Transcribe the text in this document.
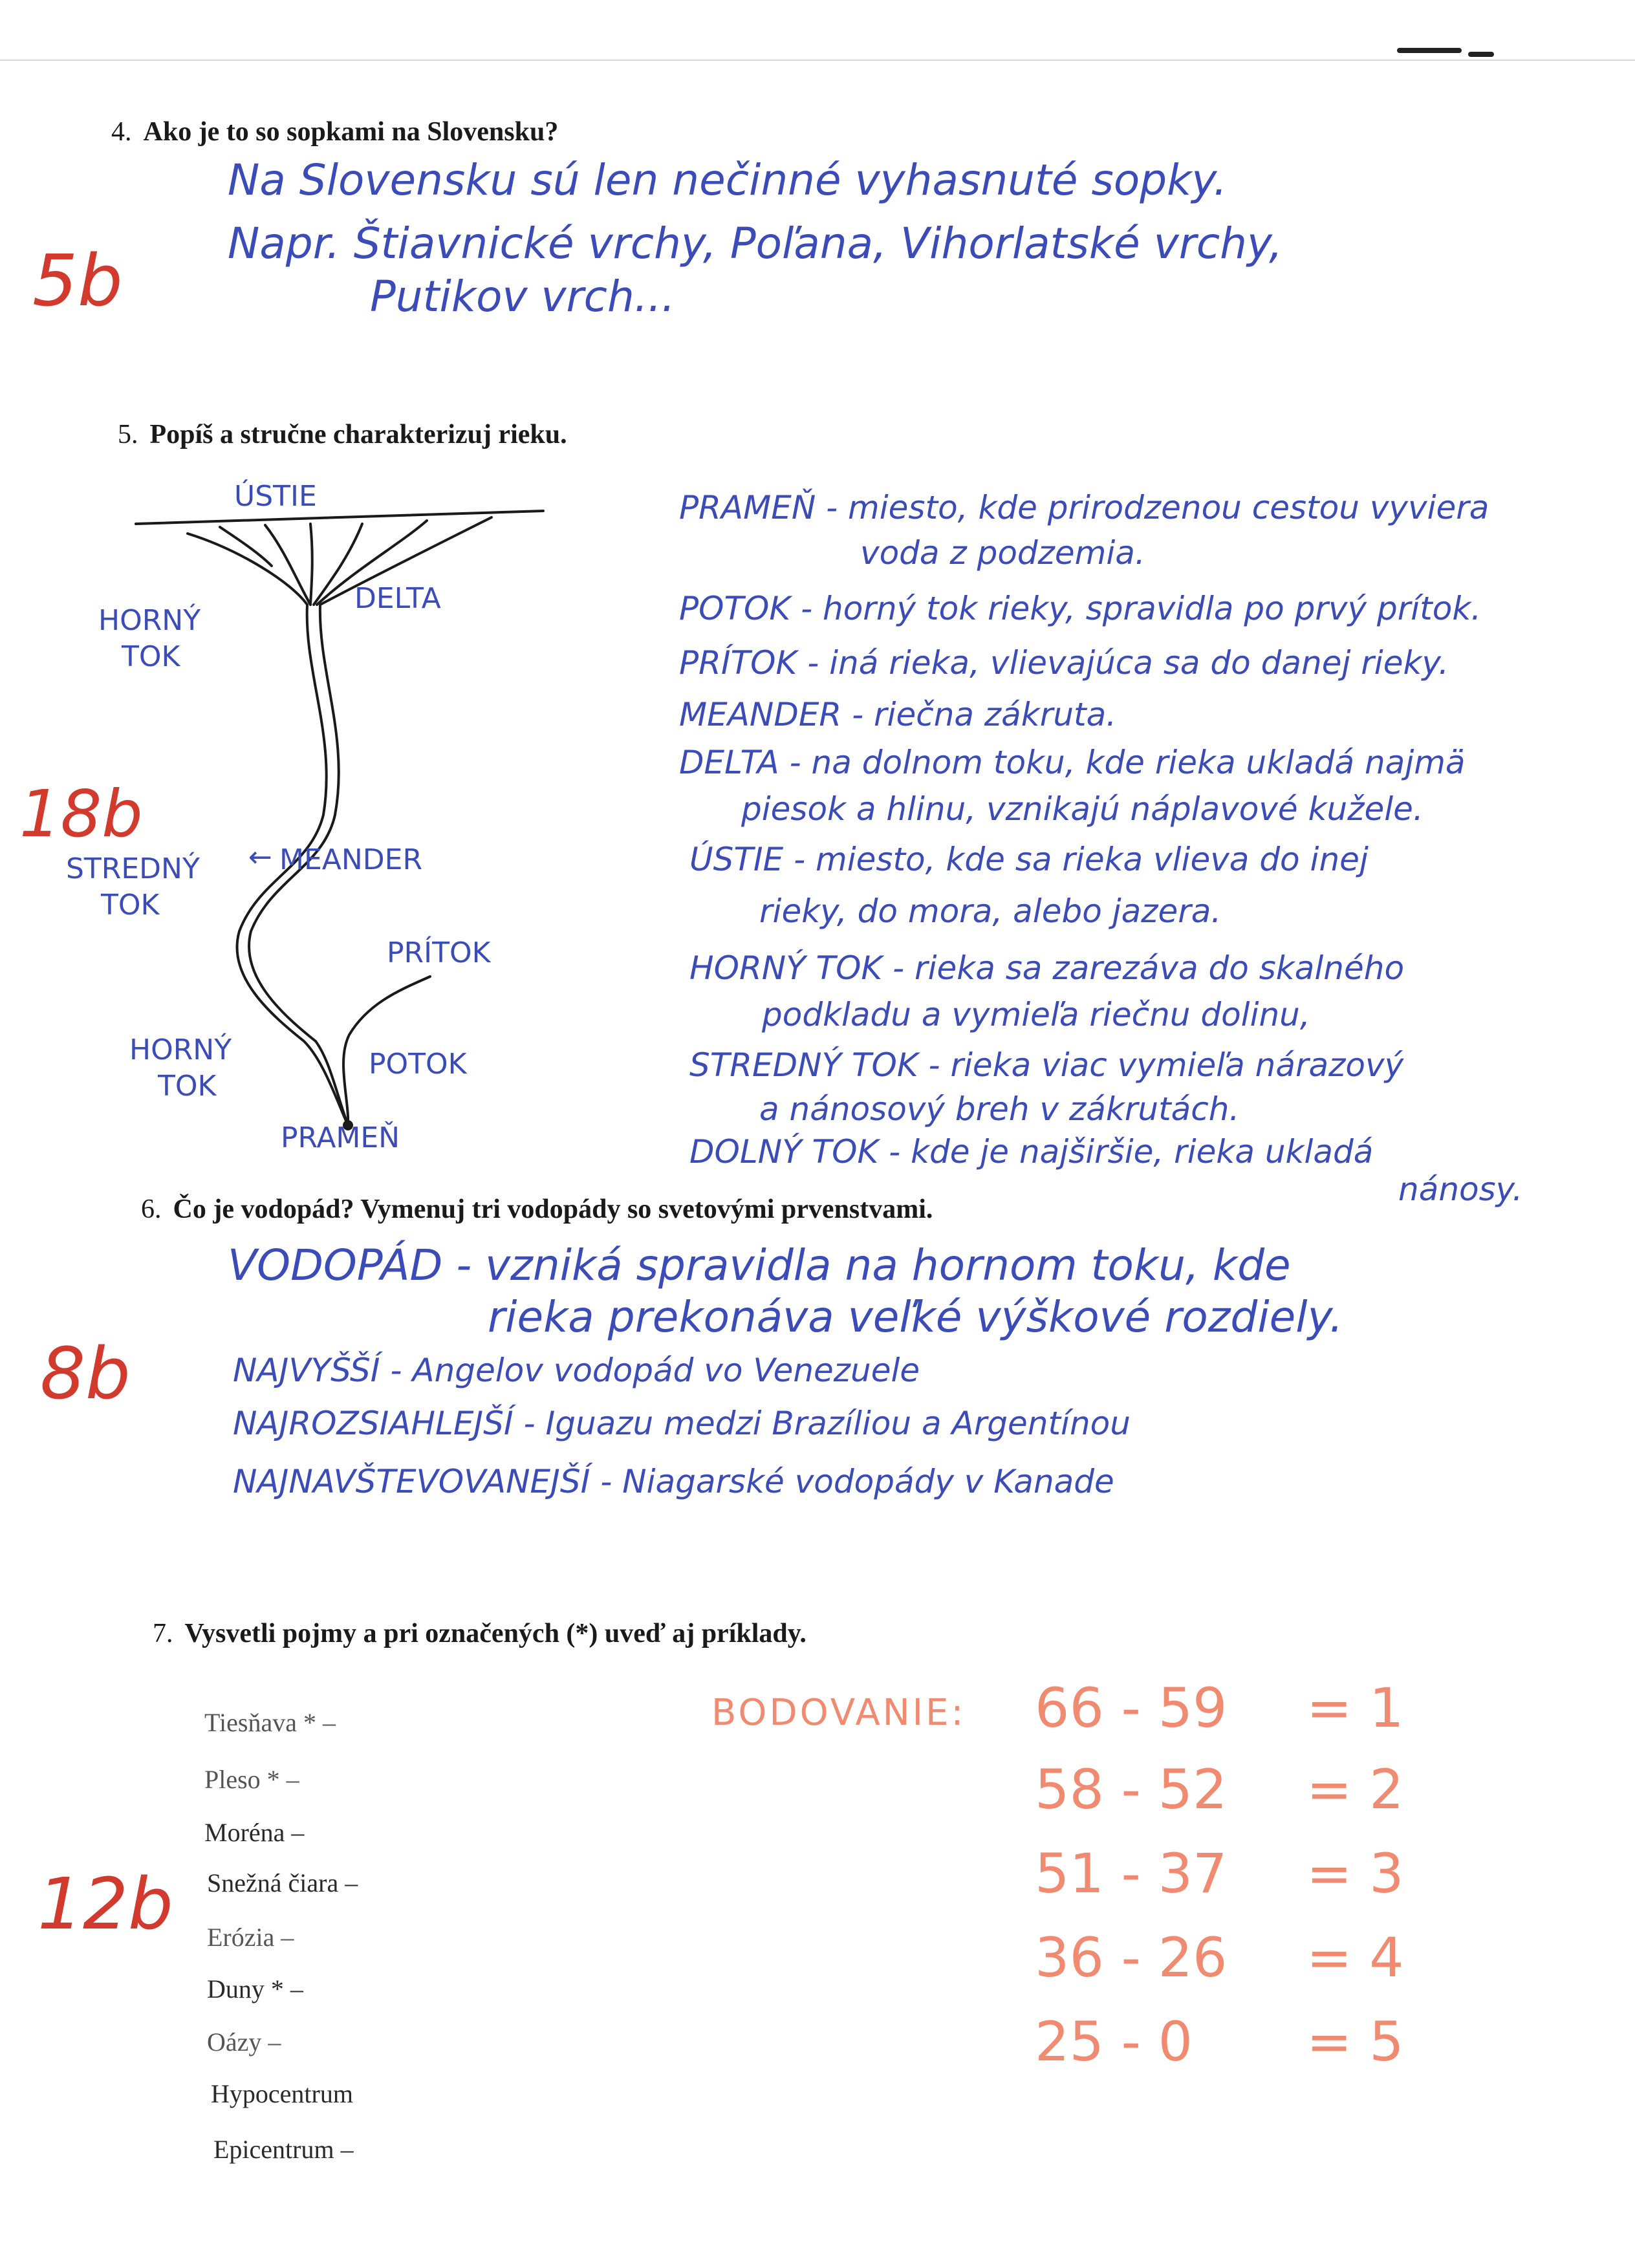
4. Ako je to so sopkami na Slovensku?
5b
Na Slovensku sú len nečinné vyhasnuté sopky.
Napr. Štiavnické vrchy, Poľana, Vihorlatské vrchy,
Putikov vrch...
5. Popíš a stručne charakterizuj rieku.
18b
ÚSTIE
DELTA
HORNÝ
TOK
STREDNÝ
TOK
MEANDER
←
PRÍTOK
HORNÝ
TOK
POTOK
PRAMEŇ
PRAMEŇ - miesto, kde prirodzenou cestou vyviera
voda z podzemia.
POTOK - horný tok rieky, spravidla po prvý prítok.
PRÍTOK - iná rieka, vlievajúca sa do danej rieky.
MEANDER - riečna zákruta.
DELTA - na dolnom toku, kde rieka ukladá najmä
piesok a hlinu, vznikajú náplavové kužele.
ÚSTIE - miesto, kde sa rieka vlieva do inej
rieky, do mora, alebo jazera.
HORNÝ TOK - rieka sa zarezáva do skalného
podkladu a vymieľa riečnu dolinu,
STREDNÝ TOK - rieka viac vymieľa nárazový
a nánosový breh v zákrutách.
DOLNÝ TOK - kde je najširšie, rieka ukladá
nánosy.
6. Čo je vodopád? Vymenuj tri vodopády so svetovými prvenstvami.
8b
VODOPÁD - vzniká spravidla na hornom toku, kde
rieka prekonáva veľké výškové rozdiely.
NAJVYŠŠÍ - Angelov vodopád vo Venezuele
NAJROZSIAHLEJŠÍ - Iguazu medzi Brazíliou a Argentínou
NAJNAVŠTEVOVANEJŠÍ - Niagarské vodopády v Kanade
7. Vysvetli pojmy a pri označených (*) uveď aj príklady.
12b
Tiesňava * –
Pleso * –
Moréna –
Snežná čiara –
Erózia –
Duny * –
Oázy –
Hypocentrum
Epicentrum –
BODOVANIE: 66 - 59 = 1
58 - 52 = 2
51 - 37 = 3
36 - 26 = 4
25 - 0 = 5
